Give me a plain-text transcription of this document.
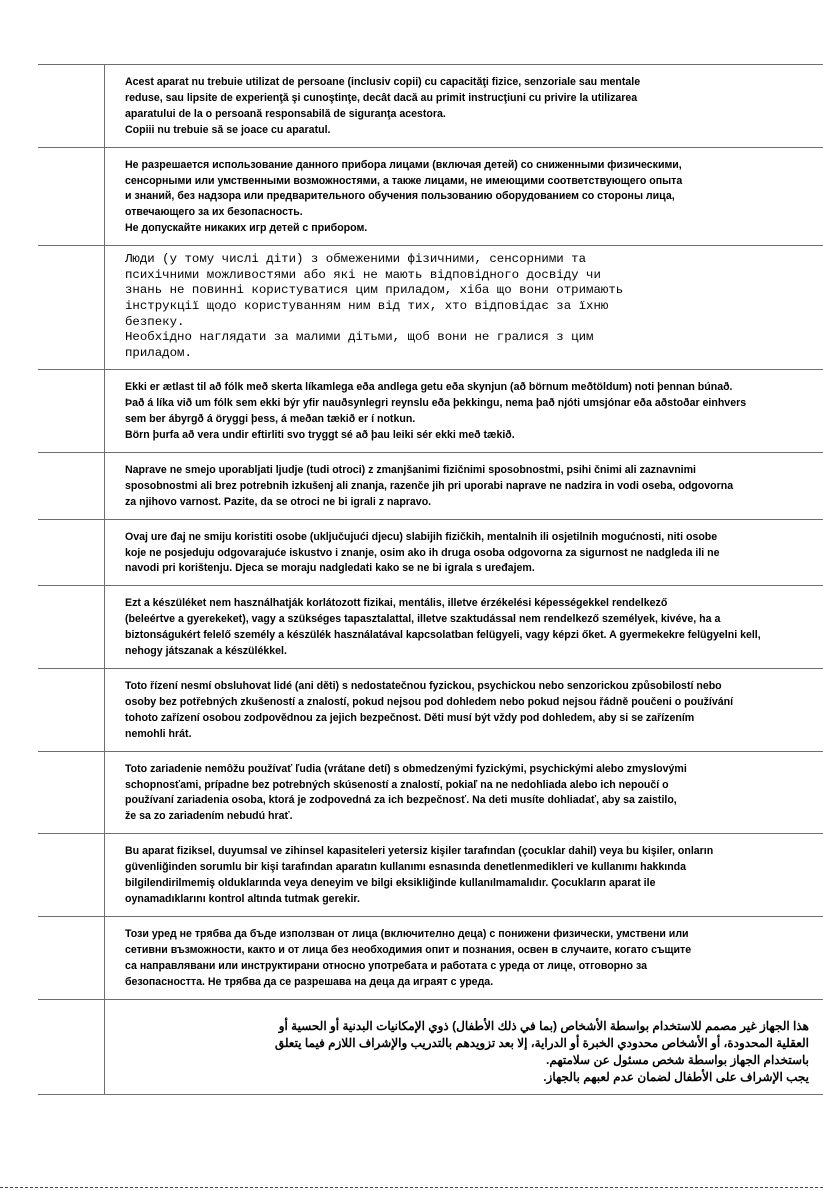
Acest aparat nu trebuie utilizat de persoane (inclusiv copii) cu capacităţi fizice, senzoriale sau mentale
reduse, sau lipsite de experienţă şi cunoştinţe, decât dacă au primit instrucţiuni cu privire la utilizarea
aparatului de la o persoană responsabilă de siguranţa acestora.
Copiii nu trebuie să se joace cu aparatul.

Не разрешается использование данного прибора лицами (включая детей) со сниженными физическими,
сенсорными или умственными возможностями, а также лицами, не имеющими соответствующего опыта
и знаний, без надзора или предварительного обучения пользованию оборудованием со стороны лица,
отвечающего за их безопасность.
Не допускайте никаких игр детей с прибором.

Люди (у тому числі діти) з обмеженими фізичними, сенсорними та
психічними можливостями або які не мають відповідного досвіду чи
знань не повинні користуватися цим приладом, хіба що вони отримають
інструкції щодо користуванням ним від тих, хто відповідає за їхню
безпеку.
Необхідно наглядати за малими дітьми, щоб вони не гралися з цим
приладом.

Ekki er ætlast til að fólk með skerta líkamlega eða andlega getu eða skynjun (að börnum meðtöldum) noti þennan búnað.
Það á líka við um fólk sem ekki býr yfir nauðsynlegri reynslu eða þekkingu, nema það njóti umsjónar eða aðstoðar einhvers
sem ber ábyrgð á öryggi þess, á meðan tækið er í notkun.
Börn þurfa að vera undir eftirliti svo tryggt sé að þau leiki sér ekki með tækið.

Naprave ne smejo uporabljati ljudje (tudi otroci) z zmanjšanimi fizičnimi sposobnostmi, psihi čnimi ali zaznavnimi
sposobnostmi ali brez potrebnih izkušenj ali znanja, razenče jih pri uporabi naprave ne nadzira in vodi oseba, odgovorna
za njihovo varnost. Pazite, da se otroci ne bi igrali z napravo.

Ovaj ure đaj ne smiju koristiti osobe (uključujući djecu) slabijih fizičkih, mentalnih ili osjetilnih mogućnosti, niti osobe
koje ne posjeduju odgovarajuće iskustvo i znanje, osim ako ih druga osoba odgovorna za sigurnost ne nadgleda ili ne
navodi pri korištenju. Djeca se moraju nadgledati kako se ne bi igrala s uređajem.

Ezt a készüléket nem használhatják korlátozott fizikai, mentális, illetve érzékelési képességekkel rendelkező
(beleértve a gyerekeket), vagy a szükséges tapasztalattal, illetve szaktudással nem rendelkező személyek, kivéve, ha a
biztonságukért felelő személy a készülék használatával kapcsolatban felügyeli, vagy képzi őket. A gyermekekre felügyelni kell,
nehogy játszanak a készülékkel.

Toto řízení nesmí obsluhovat lidé (ani děti) s nedostatečnou fyzickou, psychickou nebo senzorickou způsobilostí nebo
osoby bez potřebných zkušeností a znalostí, pokud nejsou pod dohledem nebo pokud nejsou řádně poučeni o používání
tohoto zařízení osobou zodpovědnou za jejich bezpečnost. Děti musí být vždy pod dohledem, aby si se zařízením
nemohli hrát.

Toto zariadenie nemôžu používať ľudia (vrátane detí) s obmedzenými fyzickými, psychickými alebo zmyslovými
schopnosťami, prípadne bez potrebných skúseností a znalostí, pokiaľ na ne nedohliada alebo ich nepoučí o
používaní zariadenia osoba, ktorá je zodpovedná za ich bezpečnosť. Na deti musíte dohliadať, aby sa zaistilo,
že sa zo zariadením nebudú hrať.

Bu aparat fiziksel, duyumsal ve zihinsel kapasiteleri yetersiz kişiler tarafından (çocuklar dahil) veya bu kişiler, onların
güvenliğinden sorumlu bir kişi tarafından aparatın kullanımı esnasında denetlenmedikleri ve kullanımı hakkında
bilgilendirilmemiş olduklarında veya deneyim ve bilgi eksikliğinde kullanılmamalıdır. Çocukların aparat ile
oynamadıklarını kontrol altında tutmak gerekir.

Този уред не трябва да бъде използван от лица (включително деца) с понижени физически, умствени или
сетивни възможности, както и от лица без необходимия опит и познания, освен в случаите, когато същите
са направлявани или инструктирани относно употребата и работата с уреда от лице, отговорно за
безопасността. Не трябва да се разрешава на деца да играят с уреда.

هذا الجهاز غير مصمم للاستخدام بواسطة الأشخاص (بما في ذلك الأطفال) ذوي الإمكانيات البدنية أو الحسية أو
العقلية المحدودة، أو الأشخاص محدودي الخبرة أو الدراية، إلا بعد تزويدهم بالتدريب والإشراف اللازم فيما يتعلق
باستخدام الجهاز بواسطة شخص مسئول عن سلامتهم.
يجب الإشراف على الأطفال لضمان عدم لعبهم بالجهاز.
